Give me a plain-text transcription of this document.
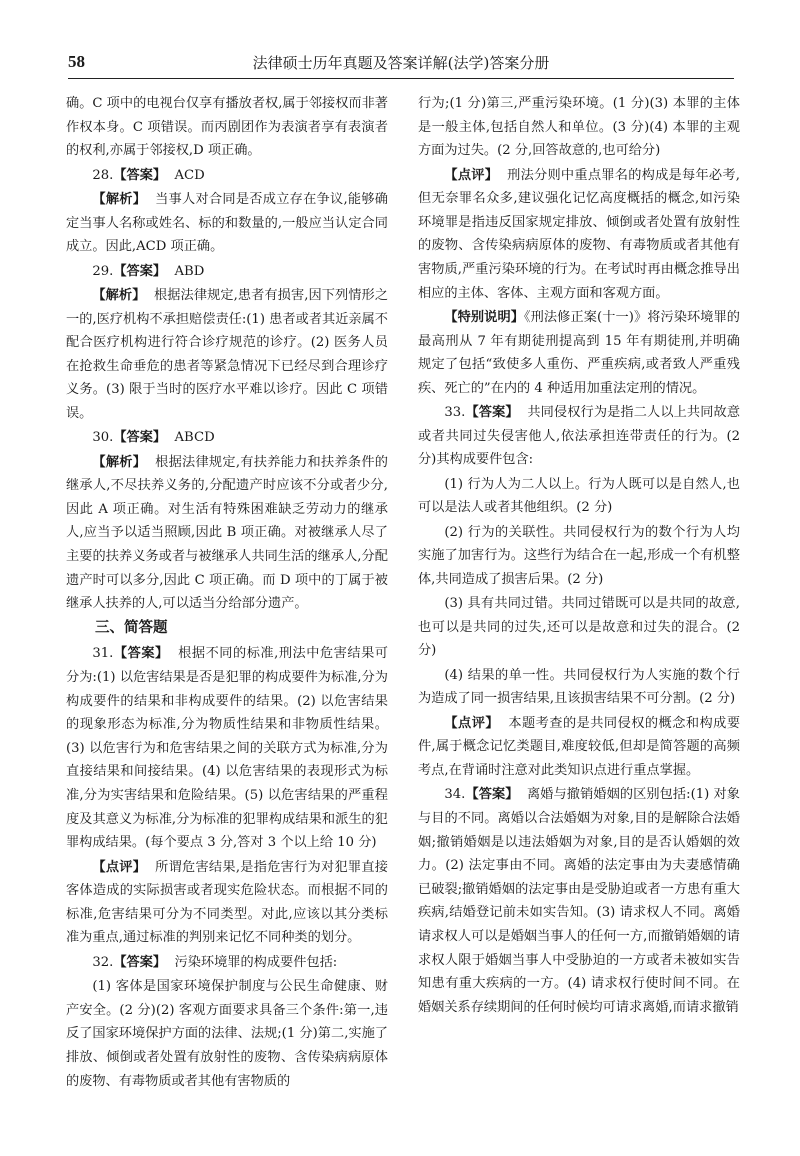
法律硕士历年真题及答案详解(法学)答案分册
58

确。C 项中的电视台仅享有播放者权,属于邻接权而非著作权本身。C 项错误。而丙剧团作为表演者享有表演者的权利,亦属于邻接权,D 项正确。

28.【答案】 ACD

【解析】 当事人对合同是否成立存在争议,能够确定当事人名称或姓名、标的和数量的,一般应当认定合同成立。因此,ACD 项正确。

29.【答案】 ABD

【解析】 根据法律规定,患者有损害,因下列情形之一的,医疗机构不承担赔偿责任:(1) 患者或者其近亲属不配合医疗机构进行符合诊疗规范的诊疗。(2) 医务人员在抢救生命垂危的患者等紧急情况下已经尽到合理诊疗义务。(3) 限于当时的医疗水平难以诊疗。因此 C 项错误。

30.【答案】 ABCD

【解析】 根据法律规定,有扶养能力和扶养条件的继承人,不尽扶养义务的,分配遗产时应该不分或者少分,因此 A 项正确。对生活有特殊困难缺乏劳动力的继承人,应当予以适当照顾,因此 B 项正确。对被继承人尽了主要的扶养义务或者与被继承人共同生活的继承人,分配遗产时可以多分,因此 C 项正确。而 D 项中的丁属于被继承人扶养的人,可以适当分给部分遗产。

三、简答题

31.【答案】 根据不同的标准,刑法中危害结果可分为:(1) 以危害结果是否是犯罪的构成要件为标准,分为构成要件的结果和非构成要件的结果。(2) 以危害结果的现象形态为标准,分为物质性结果和非物质性结果。(3) 以危害行为和危害结果之间的关联方式为标准,分为直接结果和间接结果。(4) 以危害结果的表现形式为标准,分为实害结果和危险结果。(5) 以危害结果的严重程度及其意义为标准,分为标准的犯罪构成结果和派生的犯罪构成结果。(每个要点 3 分,答对 3 个以上给 10 分)

【点评】 所谓危害结果,是指危害行为对犯罪直接客体造成的实际损害或者现实危险状态。而根据不同的标准,危害结果可分为不同类型。对此,应该以其分类标准为重点,通过标准的判别来记忆不同种类的划分。

32.【答案】 污染环境罪的构成要件包括:

(1) 客体是国家环境保护制度与公民生命健康、财产安全。(2 分)(2) 客观方面要求具备三个条件:第一,违反了国家环境保护方面的法律、法规;(1 分)第二,实施了排放、倾倒或者处置有放射性的废物、含传染病病原体的废物、有毒物质或者其他有害物质的

行为;(1 分)第三,严重污染环境。(1 分)(3) 本罪的主体是一般主体,包括自然人和单位。(3 分)(4) 本罪的主观方面为过失。(2 分,回答故意的,也可给分)

【点评】 刑法分则中重点罪名的构成是每年必考,但无奈罪名众多,建议强化记忆高度概括的概念,如污染环境罪是指违反国家规定排放、倾倒或者处置有放射性的废物、含传染病病原体的废物、有毒物质或者其他有害物质,严重污染环境的行为。在考试时再由概念推导出相应的主体、客体、主观方面和客观方面。

【特别说明】《刑法修正案(十一)》将污染环境罪的最高刑从 7 年有期徒刑提高到 15 年有期徒刑,并明确规定了包括“致使多人重伤、严重疾病,或者致人严重残疾、死亡的”在内的 4 种适用加重法定刑的情况。

33.【答案】 共同侵权行为是指二人以上共同故意或者共同过失侵害他人,依法承担连带责任的行为。(2 分)其构成要件包含:

(1) 行为人为二人以上。行为人既可以是自然人,也可以是法人或者其他组织。(2 分)

(2) 行为的关联性。共同侵权行为的数个行为人均实施了加害行为。这些行为结合在一起,形成一个有机整体,共同造成了损害后果。(2 分)

(3) 具有共同过错。共同过错既可以是共同的故意,也可以是共同的过失,还可以是故意和过失的混合。(2 分)

(4) 结果的单一性。共同侵权行为人实施的数个行为造成了同一损害结果,且该损害结果不可分割。(2 分)

【点评】 本题考查的是共同侵权的概念和构成要件,属于概念记忆类题目,难度较低,但却是简答题的高频考点,在背诵时注意对此类知识点进行重点掌握。

34.【答案】 离婚与撤销婚姻的区别包括:(1) 对象与目的不同。离婚以合法婚姻为对象,目的是解除合法婚姻;撤销婚姻是以违法婚姻为对象,目的是否认婚姻的效力。(2) 法定事由不同。离婚的法定事由为夫妻感情确已破裂;撤销婚姻的法定事由是受胁迫或者一方患有重大疾病,结婚登记前未如实告知。(3) 请求权人不同。离婚请求权人可以是婚姻当事人的任何一方,而撤销婚姻的请求权人限于婚姻当事人中受胁迫的一方或者未被如实告知患有重大疾病的一方。(4) 请求权行使时间不同。在婚姻关系存续期间的任何时候均可请求离婚,而请求撤销
